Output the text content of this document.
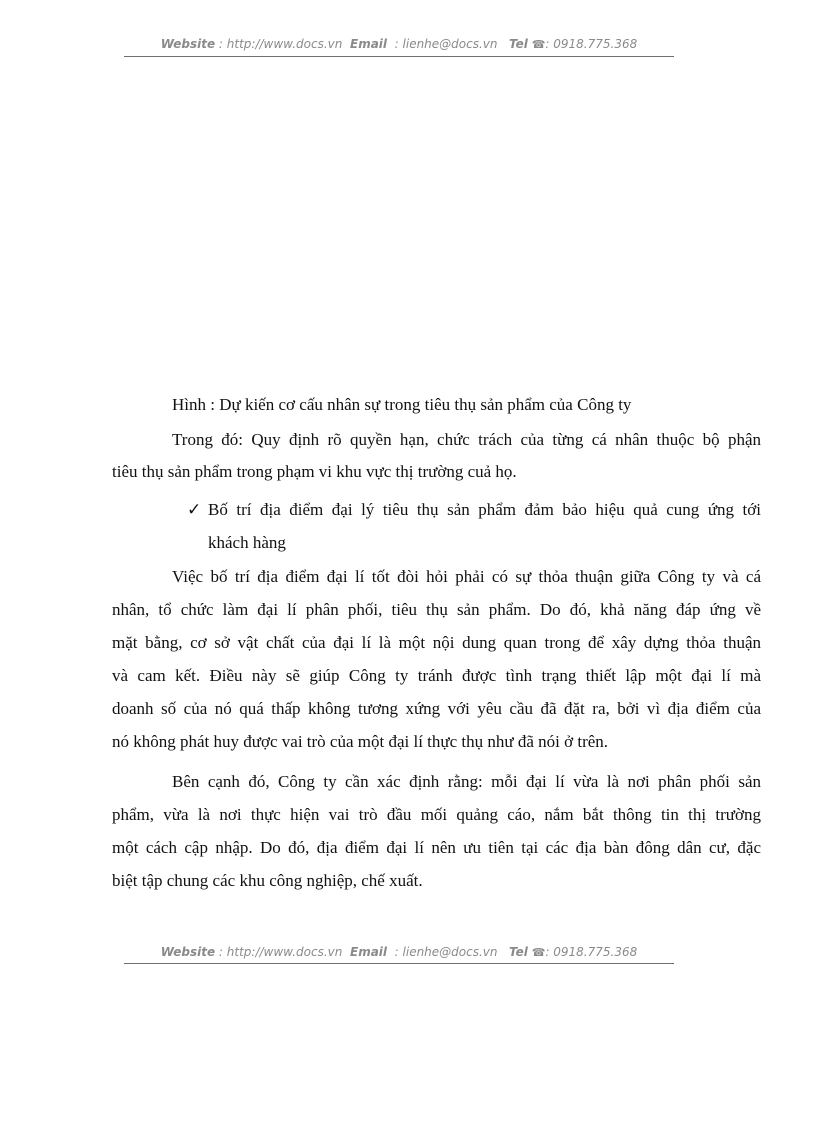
Website : http://www.docs.vn Email : lienhe@docs.vn Tel ☎: 0918.775.368
Hình : Dự kiến cơ cấu nhân sự trong tiêu thụ sản phẩm của Công ty
Trong đó: Quy định rõ quyền hạn, chức trách của từng cá nhân thuộc bộ phận
tiêu thụ sản phẩm trong phạm vi khu vực thị trường cuả họ.
✓ Bố trí địa điểm đại lý tiêu thụ sản phẩm đảm bảo hiệu quả cung ứng tới
khách hàng
Việc bố trí địa điểm đại lí tốt đòi hỏi phải có sự thỏa thuận giữa Công ty và cá
nhân, tổ chức làm đại lí phân phối, tiêu thụ sản phẩm. Do đó, khả năng đáp ứng về
mặt bằng, cơ sở vật chất của đại lí là một nội dung quan trong để xây dựng thỏa thuận
và cam kết. Điều này sẽ giúp Công ty tránh được tình trạng thiết lập một đại lí mà
doanh số của nó quá thấp không tương xứng với yêu cầu đã đặt ra, bởi vì địa điểm của
nó không phát huy được vai trò của một đại lí thực thụ như đã nói ở trên.
Bên cạnh đó, Công ty cần xác định rằng: mỗi đại lí vừa là nơi phân phối sản
phẩm, vừa là nơi thực hiện vai trò đầu mối quảng cáo, nắm bắt thông tin thị trường
một cách cập nhập. Do đó, địa điểm đại lí nên ưu tiên tại các địa bàn đông dân cư, đặc
biệt tập chung các khu công nghiệp, chế xuất.
Website : http://www.docs.vn Email : lienhe@docs.vn Tel ☎: 0918.775.368
